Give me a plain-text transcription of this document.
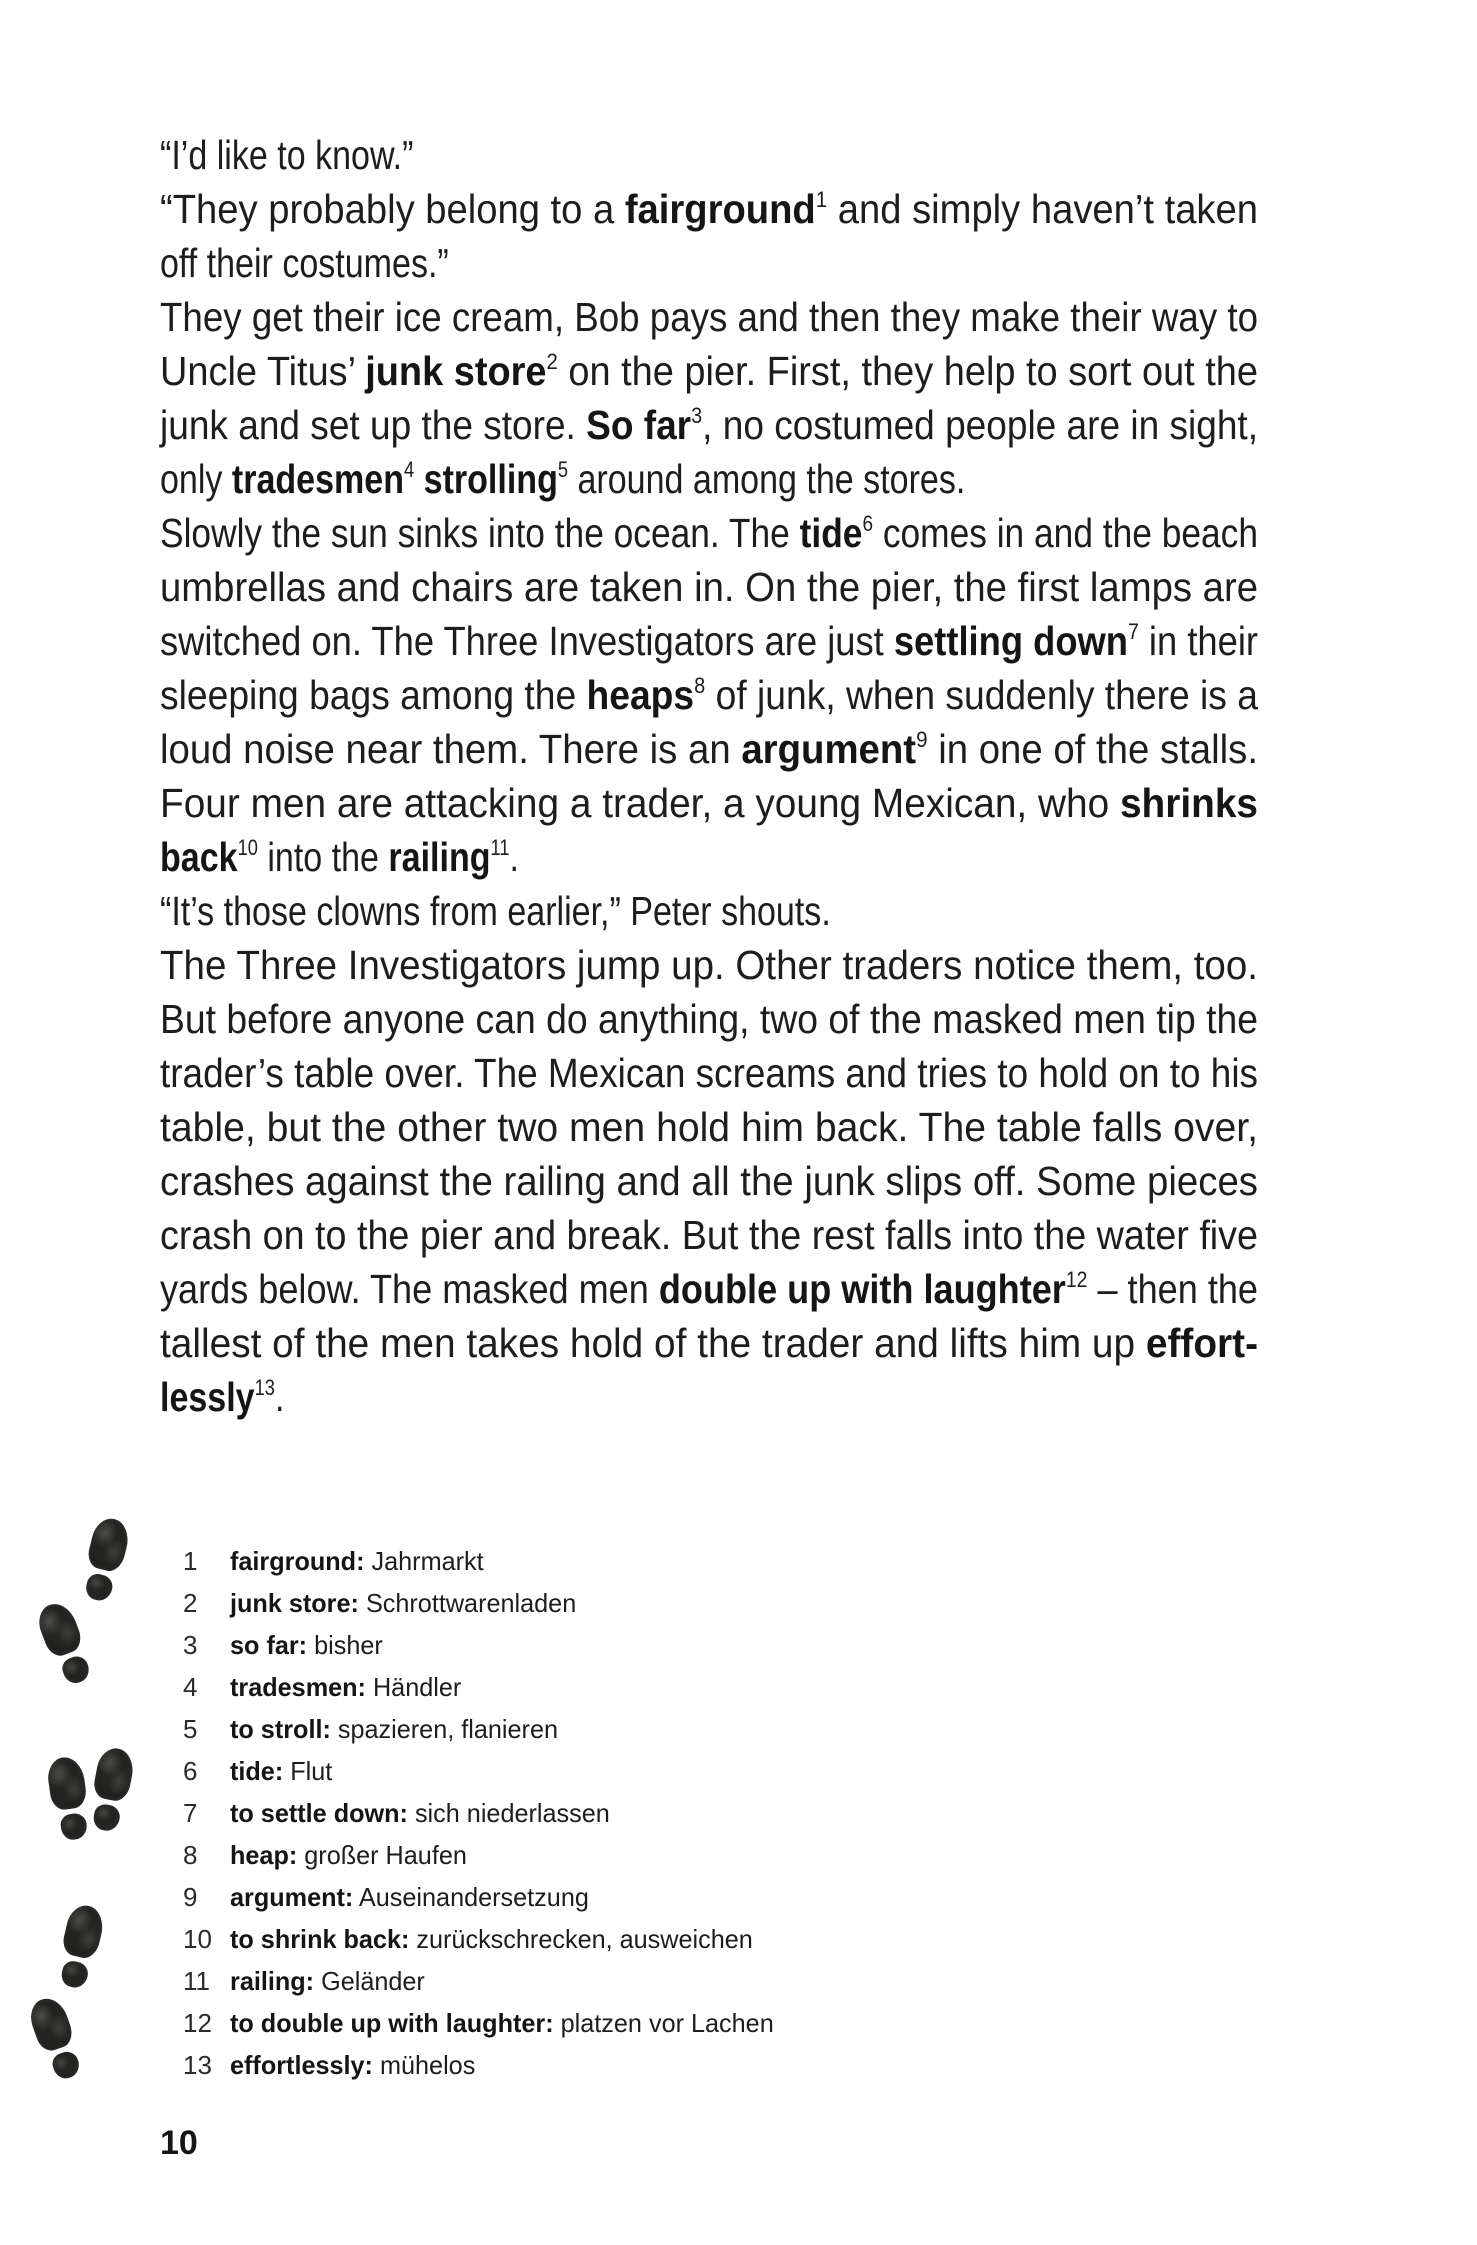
“I’d like to know.”
“They probably belong to a fairground$^1$ and simply haven’t taken
off their costumes.”
They get their ice cream, Bob pays and then they make their way to
Uncle Titus’ junk store$^2$ on the pier. First, they help to sort out the
junk and set up the store. So far$^3$, no costumed people are in sight,
only tradesmen$^4$ strolling$^5$ around among the stores.
Slowly the sun sinks into the ocean. The tide$^6$ comes in and the beach
umbrellas and chairs are taken in. On the pier, the first lamps are
switched on. The Three Investigators are just settling down$^7$ in their
sleeping bags among the heaps$^8$ of junk, when suddenly there is a
loud noise near them. There is an argument$^9$ in one of the stalls.
Four men are attacking a trader, a young Mexican, who shrinks
back$^{10}$ into the railing$^{11}$.
“It’s those clowns from earlier,” Peter shouts.
The Three Investigators jump up. Other traders notice them, too.
But before anyone can do anything, two of the masked men tip the
trader’s table over. The Mexican screams and tries to hold on to his
table, but the other two men hold him back. The table falls over,
crashes against the railing and all the junk slips off. Some pieces
crash on to the pier and break. But the rest falls into the water five
yards below. The masked men double up with laughter$^{12}$ – then the
tallest of the men takes hold of the trader and lifts him up effort-
lessly$^{13}$.
1 fairground: Jahrmarkt
2 junk store: Schrottwarenladen
3 so far: bisher
4 tradesmen: Händler
5 to stroll: spazieren, flanieren
6 tide: Flut
7 to settle down: sich niederlassen
8 heap: großer Haufen
9 argument: Auseinandersetzung
10 to shrink back: zurückschrecken, ausweichen
11 railing: Geländer
12 to double up with laughter: platzen vor Lachen
13 effortlessly: mühelos
10
